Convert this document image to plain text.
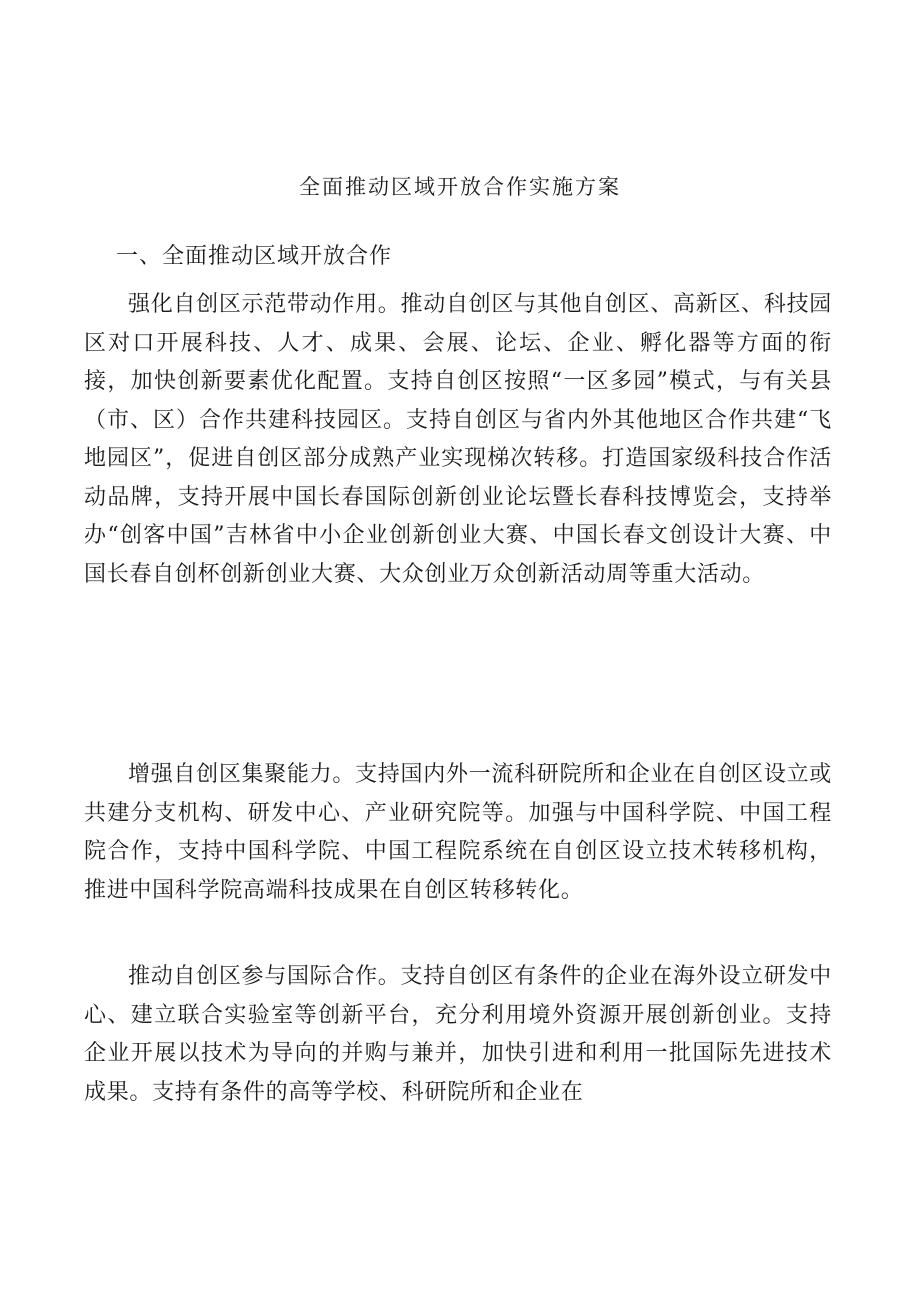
全面推动区域开放合作实施方案
一、全面推动区域开放合作

强化自创区示范带动作用。推动自创区与其他自创区、高新区、科技园区对口开展科技、人才、成果、会展、论坛、企业、孵化器等方面的衔接，加快创新要素优化配置。支持自创区按照“一区多园”模式，与有关县（市、区）合作共建科技园区。支持自创区与省内外其他地区合作共建“飞地园区”，促进自创区部分成熟产业实现梯次转移。打造国家级科技合作活动品牌，支持开展中国长春国际创新创业论坛暨长春科技博览会，支持举办“创客中国”吉林省中小企业创新创业大赛、中国长春文创设计大赛、中国长春自创杯创新创业大赛、大众创业万众创新活动周等重大活动。

增强自创区集聚能力。支持国内外一流科研院所和企业在自创区设立或共建分支机构、研发中心、产业研究院等。加强与中国科学院、中国工程院合作，支持中国科学院、中国工程院系统在自创区设立技术转移机构，推进中国科学院高端科技成果在自创区转移转化。

推动自创区参与国际合作。支持自创区有条件的企业在海外设立研发中心、建立联合实验室等创新平台，充分利用境外资源开展创新创业。支持企业开展以技术为导向的并购与兼并，加快引进和利用一批国际先进技术成果。支持有条件的高等学校、科研院所和企业在
